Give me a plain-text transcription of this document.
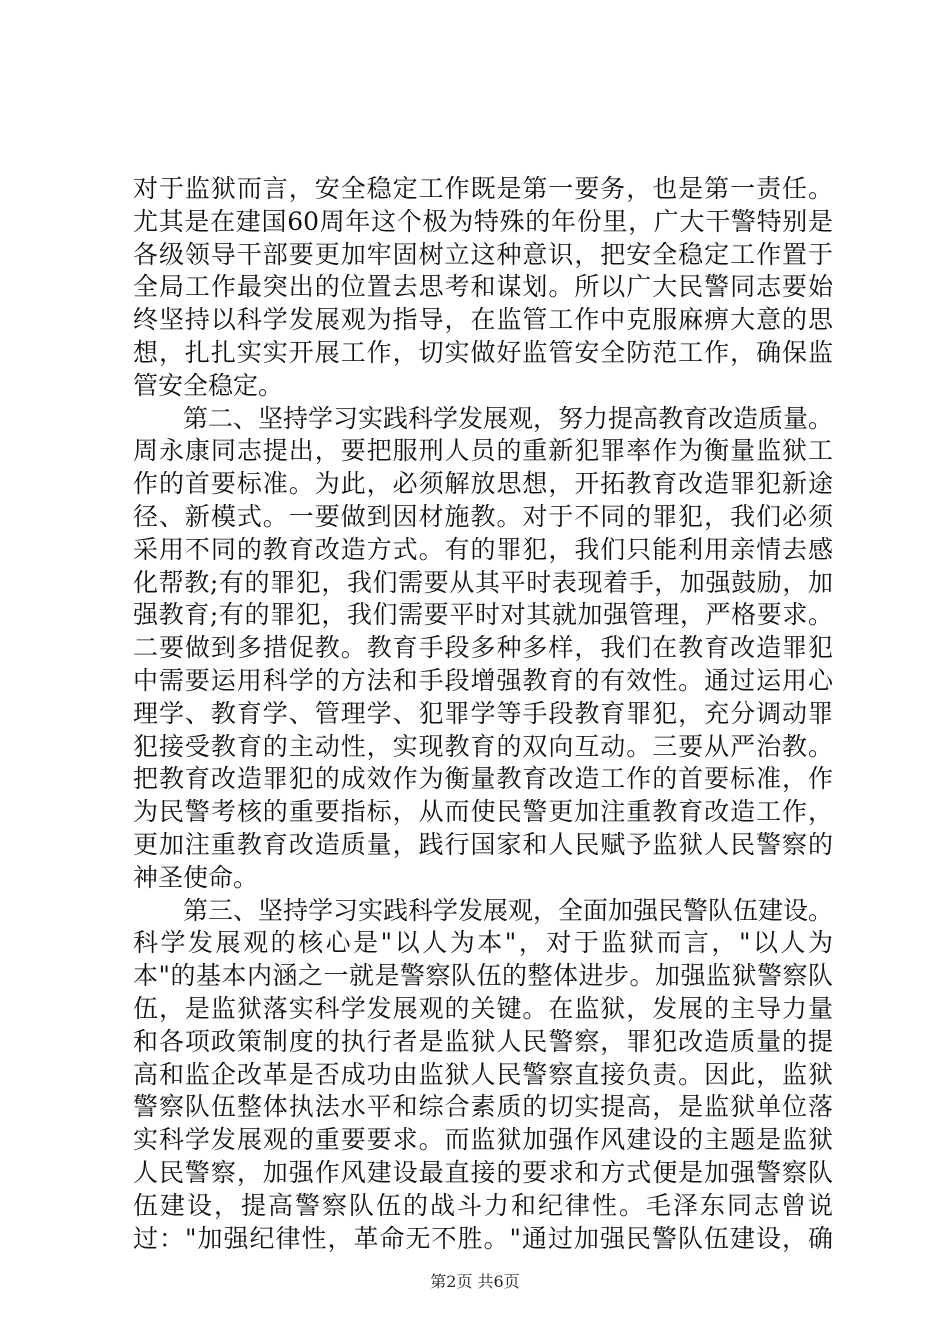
对于监狱而言，安全稳定工作既是第一要务，也是第一责任。
尤其是在建国60周年这个极为特殊的年份里，广大干警特别是
各级领导干部要更加牢固树立这种意识，把安全稳定工作置于
全局工作最突出的位置去思考和谋划。所以广大民警同志要始
终坚持以科学发展观为指导，在监管工作中克服麻痹大意的思
想，扎扎实实开展工作，切实做好监管安全防范工作，确保监
管安全稳定。
第二、坚持学习实践科学发展观，努力提高教育改造质量。
周永康同志提出，要把服刑人员的重新犯罪率作为衡量监狱工
作的首要标准。为此，必须解放思想，开拓教育改造罪犯新途
径、新模式。一要做到因材施教。对于不同的罪犯，我们必须
采用不同的教育改造方式。有的罪犯，我们只能利用亲情去感
化帮教;有的罪犯，我们需要从其平时表现着手，加强鼓励，加
强教育;有的罪犯，我们需要平时对其就加强管理，严格要求。
二要做到多措促教。教育手段多种多样，我们在教育改造罪犯
中需要运用科学的方法和手段增强教育的有效性。通过运用心
理学、教育学、管理学、犯罪学等手段教育罪犯，充分调动罪
犯接受教育的主动性，实现教育的双向互动。三要从严治教。
把教育改造罪犯的成效作为衡量教育改造工作的首要标准，作
为民警考核的重要指标，从而使民警更加注重教育改造工作，
更加注重教育改造质量，践行国家和人民赋予监狱人民警察的
神圣使命。
第三、坚持学习实践科学发展观，全面加强民警队伍建设。
科学发展观的核心是"以人为本"，对于监狱而言，"以人为
本"的基本内涵之一就是警察队伍的整体进步。加强监狱警察队
伍，是监狱落实科学发展观的关键。在监狱，发展的主导力量
和各项政策制度的执行者是监狱人民警察，罪犯改造质量的提
高和监企改革是否成功由监狱人民警察直接负责。因此，监狱
警察队伍整体执法水平和综合素质的切实提高，是监狱单位落
实科学发展观的重要要求。而监狱加强作风建设的主题是监狱
人民警察，加强作风建设最直接的要求和方式便是加强警察队
伍建设，提高警察队伍的战斗力和纪律性。毛泽东同志曾说
过："加强纪律性，革命无不胜。"通过加强民警队伍建设，确
第2页 共6页
